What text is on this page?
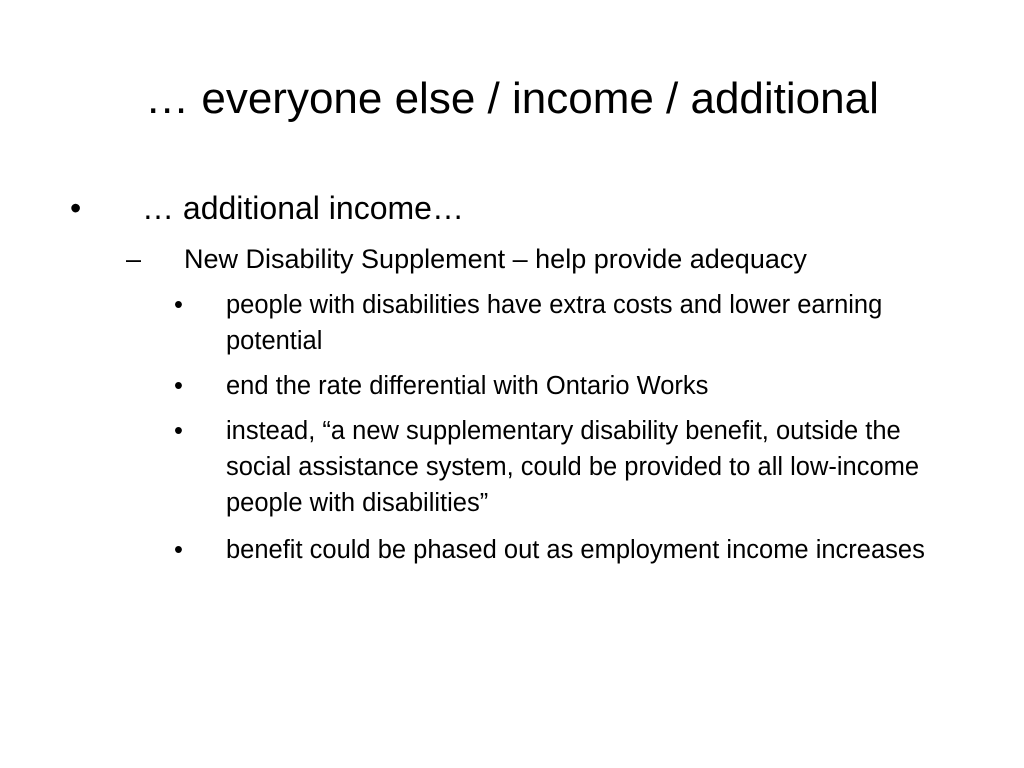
… everyone else / income / additional
•	… additional income…
–	New Disability Supplement – help provide adequacy
•	people with disabilities have extra costs and lower earning potential
•	end the rate differential with Ontario Works
•	instead, “a new supplementary disability benefit, outside the social assistance system, could be provided to all low-income people with disabilities”
•	benefit could be phased out as employment income increases
